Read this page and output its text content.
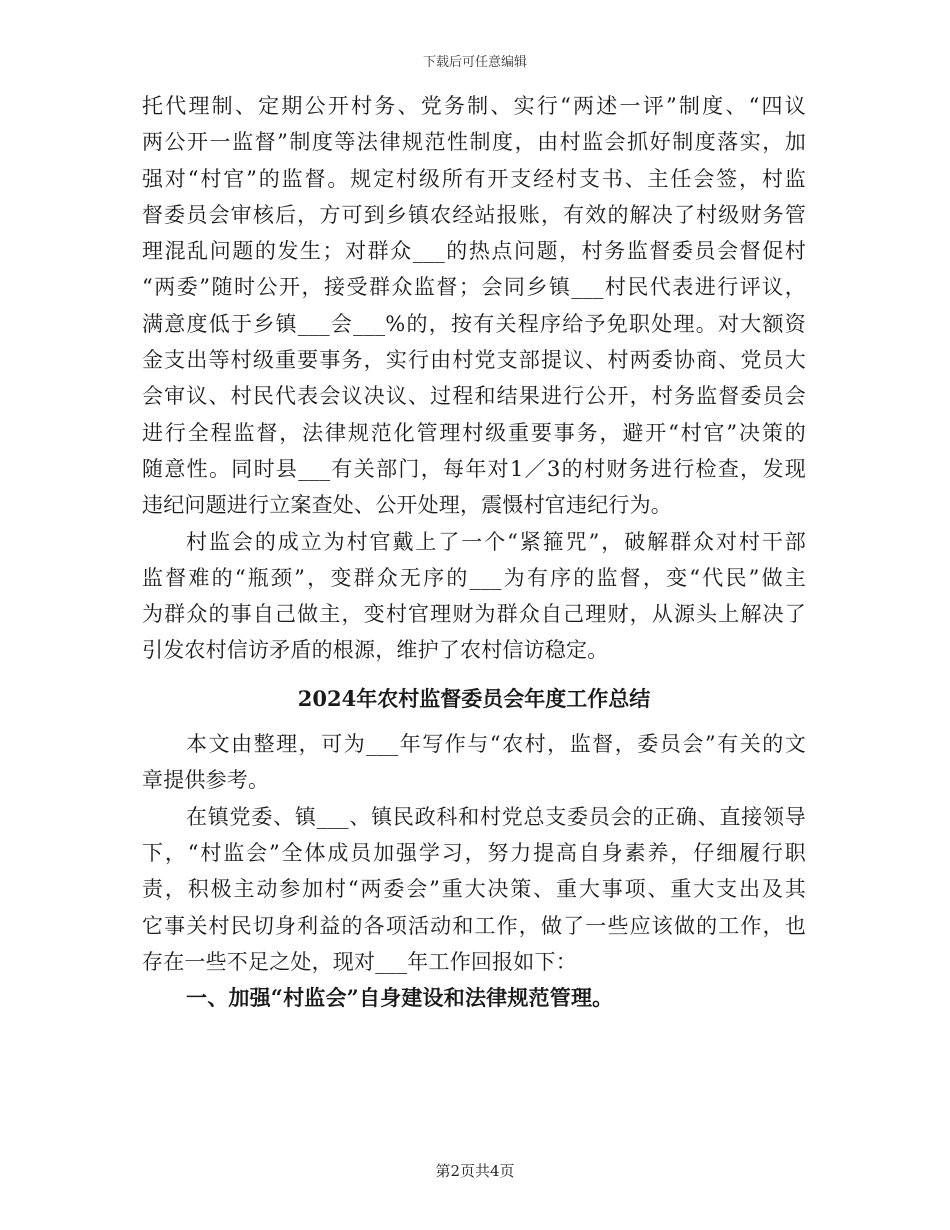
下载后可任意编辑
托代理制、定期公开村务、党务制、实行“两述一评”制度、“四议
两公开一监督”制度等法律规范性制度，由村监会抓好制度落实，加
强对“村官”的监督。规定村级所有开支经村支书、主任会签，村监
督委员会审核后，方可到乡镇农经站报账，有效的解决了村级财务管
理混乱问题的发生；对群众___的热点问题，村务监督委员会督促村
“两委”随时公开，接受群众监督；会同乡镇___村民代表进行评议，
满意度低于乡镇___会___%的，按有关程序给予免职处理。对大额资
金支出等村级重要事务，实行由村党支部提议、村两委协商、党员大
会审议、村民代表会议决议、过程和结果进行公开，村务监督委员会
进行全程监督，法律规范化管理村级重要事务，避开“村官”决策的
随意性。同时县___有关部门，每年对1／3的村财务进行检查，发现
违纪问题进行立案查处、公开处理，震慑村官违纪行为。
村监会的成立为村官戴上了一个“紧箍咒”，破解群众对村干部
监督难的“瓶颈”，变群众无序的___为有序的监督，变“代民”做主
为群众的事自己做主，变村官理财为群众自己理财，从源头上解决了
引发农村信访矛盾的根源，维护了农村信访稳定。
2024年农村监督委员会年度工作总结
本文由整理，可为___年写作与“农村，监督，委员会”有关的文
章提供参考。
在镇党委、镇___、镇民政科和村党总支委员会的正确、直接领导
下，“村监会”全体成员加强学习，努力提高自身素养，仔细履行职
责，积极主动参加村“两委会”重大决策、重大事项、重大支出及其
它事关村民切身利益的各项活动和工作，做了一些应该做的工作，也
存在一些不足之处，现对___年工作回报如下：
一、加强“村监会”自身建设和法律规范管理。
第2页共4页
